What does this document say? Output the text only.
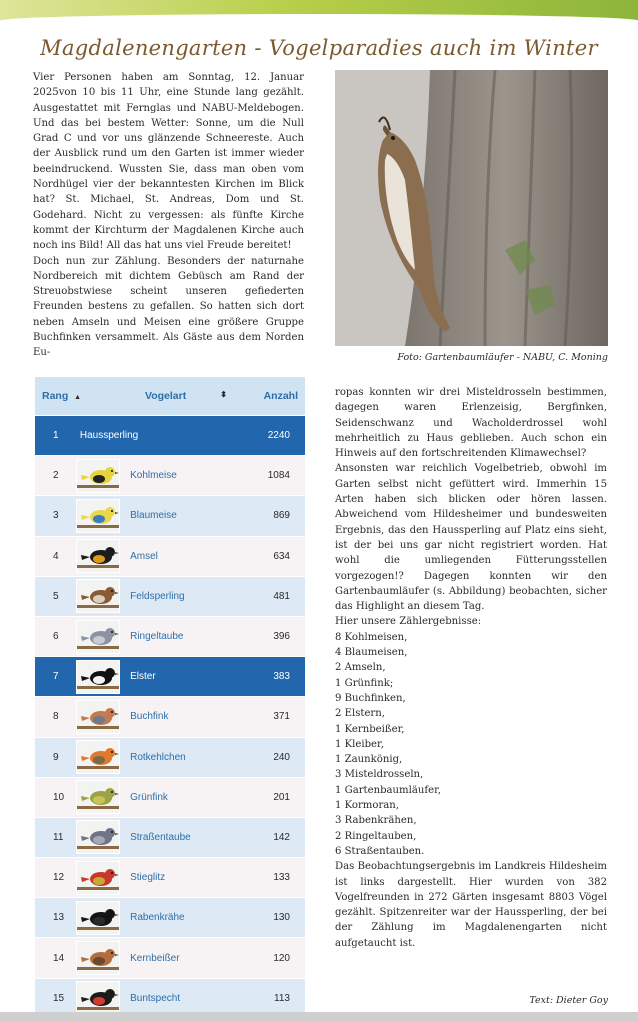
Magdalenengarten - Vogelparadies auch im Winter

Vier Personen haben am Sonntag, 12. Januar 2025von 10 bis 11 Uhr, eine Stunde lang gezählt. Ausgestattet mit Fernglas und NABU-Meldebogen. Und das bei bestem Wetter: Sonne, um die Null Grad C und vor uns glänzende Schneereste. Auch der Ausblick rund um den Garten ist immer wieder beeindruckend. Wussten Sie, dass man oben vom Nordhügel vier der bekanntesten Kirchen im Blick hat? St. Michael, St. Andreas, Dom und St. Godehard. Nicht zu vergessen: als fünfte Kirche kommt der Kirchturm der Magdalenen Kirche auch noch ins Bild! All das hat uns viel Freude bereitet!

Doch nun zur Zählung. Besonders der naturnahe Nordbereich mit dichtem Gebüsch am Rand der Streuobstwiese scheint unseren gefiederten Freunden bestens zu gefallen. So hatten sich dort neben Amseln und Meisen eine größere Gruppe Buchfinken versammelt. Als Gäste aus dem Norden Eu-	Foto: Gartenbaumläufer - NABU, C. Moning
Rang ▲	Vogelart	⬍	Anzahl
1	Haussperling	2240
2	Kohlmeise	1084
3	Blaumeise	869
4	Amsel	634
5	Feldsperling	481
6	Ringeltaube	396
7	Elster	383
8	Buchfink	371
9	Rotkehlchen	240
10	Grünfink	201
11	Straßentaube	142
12	Stieglitz	133
13	Rabenkrähe	130
14	Kernbeißer	120
15	Buntspecht	113

ropas konnten wir drei Misteldrosseln bestimmen, dagegen waren Erlenzeisig, Bergfinken, Seidenschwanz und Wacholderdrossel wohl mehrheitlich zu Haus geblieben. Auch schon ein Hinweis auf den fortschreitenden Klimawechsel?

Ansonsten war reichlich Vogelbetrieb, obwohl im Garten selbst nicht gefüttert wird. Immerhin 15 Arten haben sich blicken oder hören lassen. Abweichend vom Hildesheimer und bundesweiten Ergebnis, das den Haussperling auf Platz eins sieht, ist der bei uns gar nicht registriert worden. Hat wohl die umliegenden Fütterungsstellen vorgezogen!? Dagegen konnten wir den Gartenbaumläufer (s. Abbildung) beobachten, sicher das Highlight an diesem Tag.

Hier unsere Zählergebnisse:

8 Kohlmeisen,
4 Blaumeisen,
2 Amseln,
1 Grünfink;
9 Buchfinken,
2 Elstern,
1 Kernbeißer,
1 Kleiber,
1 Zaunkönig,
3 Misteldrosseln,
1 Gartenbaumläufer,
1 Kormoran,
3 Rabenkrähen,
2 Ringeltauben,
6 Straßentauben.

Das Beobachtungsergebnis im Landkreis Hildesheim ist links dargestellt. Hier wurden von 382 Vogelfreunden in 272 Gärten insgesamt 8803 Vögel gezählt. Spitzenreiter war der Haussperling, der bei der Zählung im Magdalenengarten nicht aufgetaucht ist.

Text: Dieter Goy
